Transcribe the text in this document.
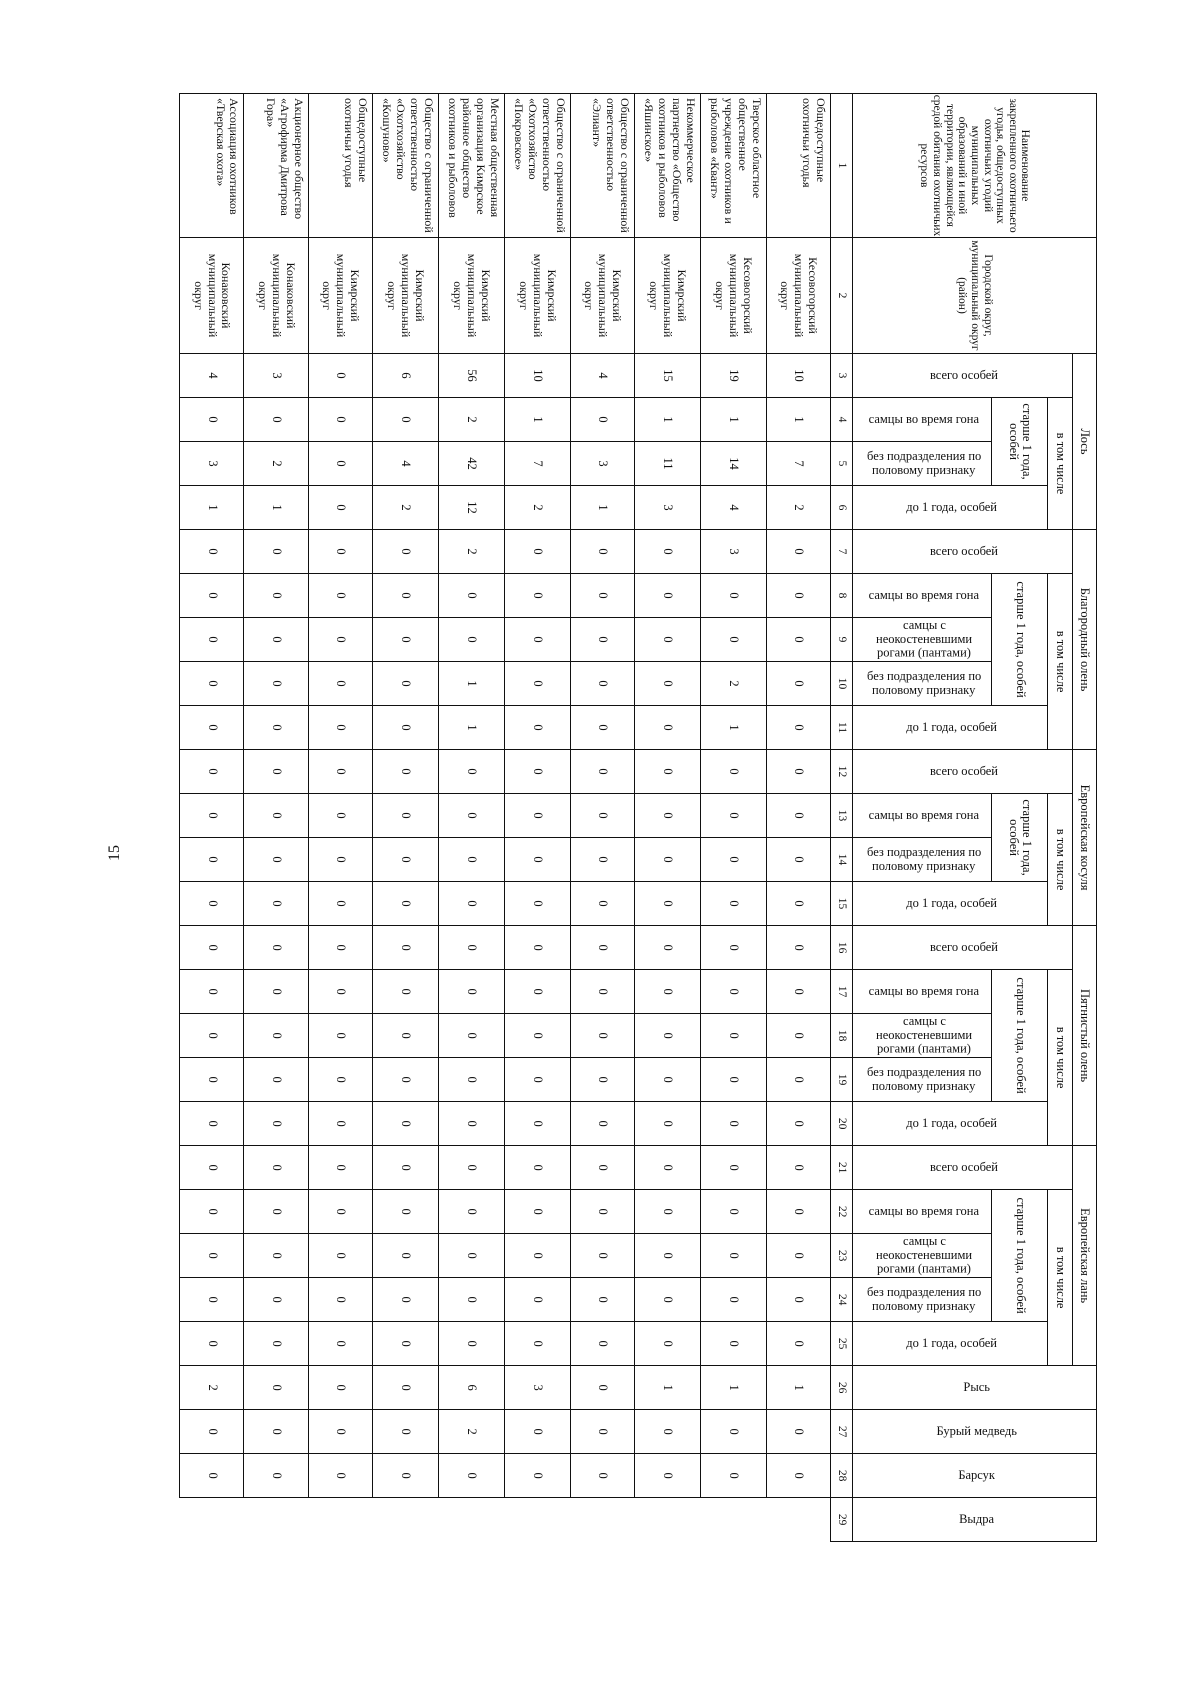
15
Наименование закрепленного охотничьего угодья, общедоступных охотничьих угодий муниципальных образований и иной территории, являющейся средой обитания охотничьих ресурсов	Городской округ, муниципальный округ (район)	Лось				Благородный олень					Европейская косуля				Пятнистый олень					Европейская лань					Рысь	Бурый медведь	Барсук	Выдра
		всего особей	в том числе			всего особей	в том числе				всего особей	в том числе			всего особей	в том числе				всего особей	в том числе							
			старше 1 года, особей		до 1 года, особей		старше 1 года, особей			до 1 года, особей		старше 1 года, особей		до 1 года, особей		старше 1 года, особей			до 1 года, особей		старше 1 года, особей			до 1 года, особей				
			самцы во время гона	без подразделения по половому признаку			самцы во время гона	самцы с неокостеневшими рогами (пантами)	без подразделения по половому признаку			самцы во время гона	без подразделения по половому признаку			самцы во время гона	самцы с неокостеневшими рогами (пантами)	без подразделения по половому признаку			самцы во время гона	самцы с неокостеневшими рогами (пантами)	без подразделения по половому признаку					
1	2	3	4	5	6	7	8	9	10	11	12	13	14	15	16	17	18	19	20	21	22	23	24	25	26	27	28	29
Общедоступные охотничьи угодья	Кесовогорский муниципальный округ	10	1	7	2	0	0	0	0	0	0	0	0	0	0	0	0	0	0	0	0	0	0	0	1	0	0	
Тверское областное общественное учреждение охотников и рыболовов «Квант»	Кесовогорский муниципальный округ	19	1	14	4	3	0	0	2	1	0	0	0	0	0	0	0	0	0	0	0	0	0	0	1	0	0	
Некоммерческое партнерство «Общество охотников и рыболовов «Яшинское»	Кимрский муниципальный округ	15	1	11	3	0	0	0	0	0	0	0	0	0	0	0	0	0	0	0	0	0	0	0	1	0	0	
Общество с ограниченной ответственностью «Элиант»	Кимрский муниципальный округ	4	0	3	1	0	0	0	0	0	0	0	0	0	0	0	0	0	0	0	0	0	0	0	0	0	0	
Общество с ограниченной ответственностью «Охотхозяйство «Покровское»	Кимрский муниципальный округ	10	1	7	2	0	0	0	0	0	0	0	0	0	0	0	0	0	0	0	0	0	0	0	3	0	0	
Местная общественная организация Кимрское районное общество охотников и рыболовов	Кимрский муниципальный округ	56	2	42	12	2	0	0	1	1	0	0	0	0	0	0	0	0	0	0	0	0	0	0	6	2	0	
Общество с ограниченной ответственностью «Охотхозяйство «Кошуново»	Кимрский муниципальный округ	6	0	4	2	0	0	0	0	0	0	0	0	0	0	0	0	0	0	0	0	0	0	0	0	0	0	
Общедоступные охотничьи угодья	Кимрский муниципальный округ	0	0	0	0	0	0	0	0	0	0	0	0	0	0	0	0	0	0	0	0	0	0	0	0	0	0	
Акционерное общество «Агрофирма Дмитрова Гора»	Конаковский муниципальный округ	3	0	2	1	0	0	0	0	0	0	0	0	0	0	0	0	0	0	0	0	0	0	0	0	0	0	
Ассоциация охотников «Тверская охота»	Конаковский муниципальный округ	4	0	3	1	0	0	0	0	0	0	0	0	0	0	0	0	0	0	0	0	0	0	0	2	0	0	
